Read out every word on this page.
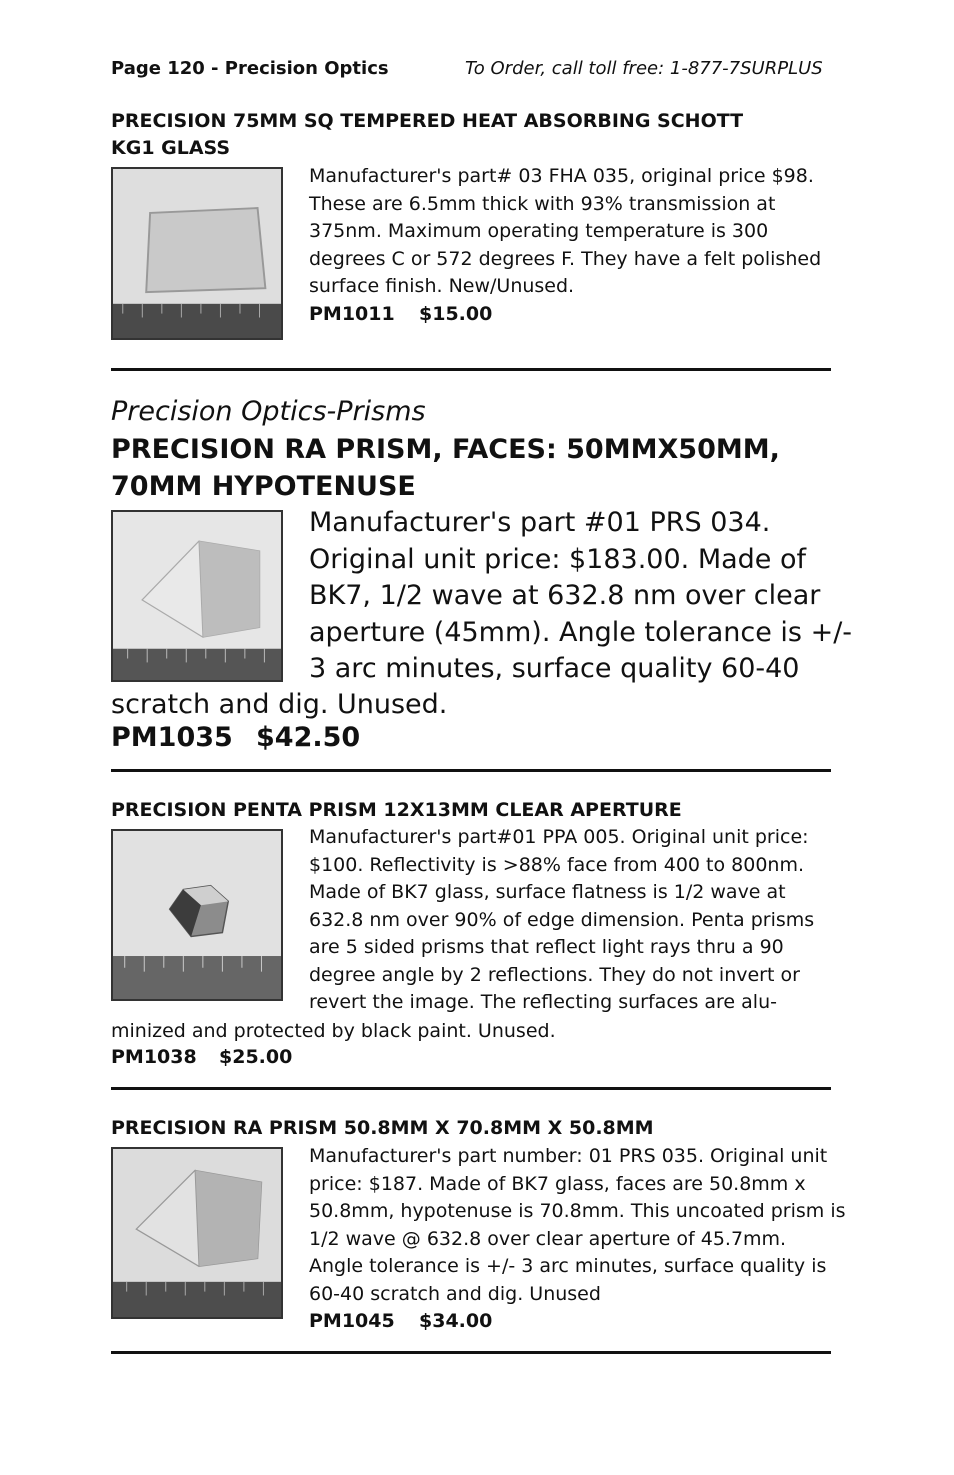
Page 120 - Precision Optics	To Order, call toll free: 1-877-7SURPLUS
PRECISION 75MM SQ TEMPERED HEAT ABSORBING SCHOTT
KG1 GLASS
Manufacturer's part# 03 FHA 035, original price $98.
These are 6.5mm thick with 93% transmission at
375nm. Maximum operating temperature is 300
degrees C or 572 degrees F. They have a felt polished
surface finish. New/Unused.
PM1011 $15.00
Precision Optics-Prisms
PRECISION RA PRISM, FACES: 50MMX50MM,
70MM HYPOTENUSE
Manufacturer's part #01 PRS 034.
Original unit price: $183.00. Made of
BK7, 1/2 wave at 632.8 nm over clear
aperture (45mm). Angle tolerance is +/-
3 arc minutes, surface quality 60-40
scratch and dig. Unused.
PM1035 $42.50
PRECISION PENTA PRISM 12X13MM CLEAR APERTURE
Manufacturer's part#01 PPA 005. Original unit price:
$100. Reflectivity is >88% face from 400 to 800nm.
Made of BK7 glass, surface flatness is 1/2 wave at
632.8 nm over 90% of edge dimension. Penta prisms
are 5 sided prisms that reflect light rays thru a 90
degree angle by 2 reflections. They do not invert or
revert the image. The reflecting surfaces are alu-
minized and protected by black paint. Unused.
PM1038 $25.00
PRECISION RA PRISM 50.8MM X 70.8MM X 50.8MM
Manufacturer's part number: 01 PRS 035. Original unit
price: $187. Made of BK7 glass, faces are 50.8mm x
50.8mm, hypotenuse is 70.8mm. This uncoated prism is
1/2 wave @ 632.8 over clear aperture of 45.7mm.
Angle tolerance is +/- 3 arc minutes, surface quality is
60-40 scratch and dig. Unused
PM1045 $34.00
